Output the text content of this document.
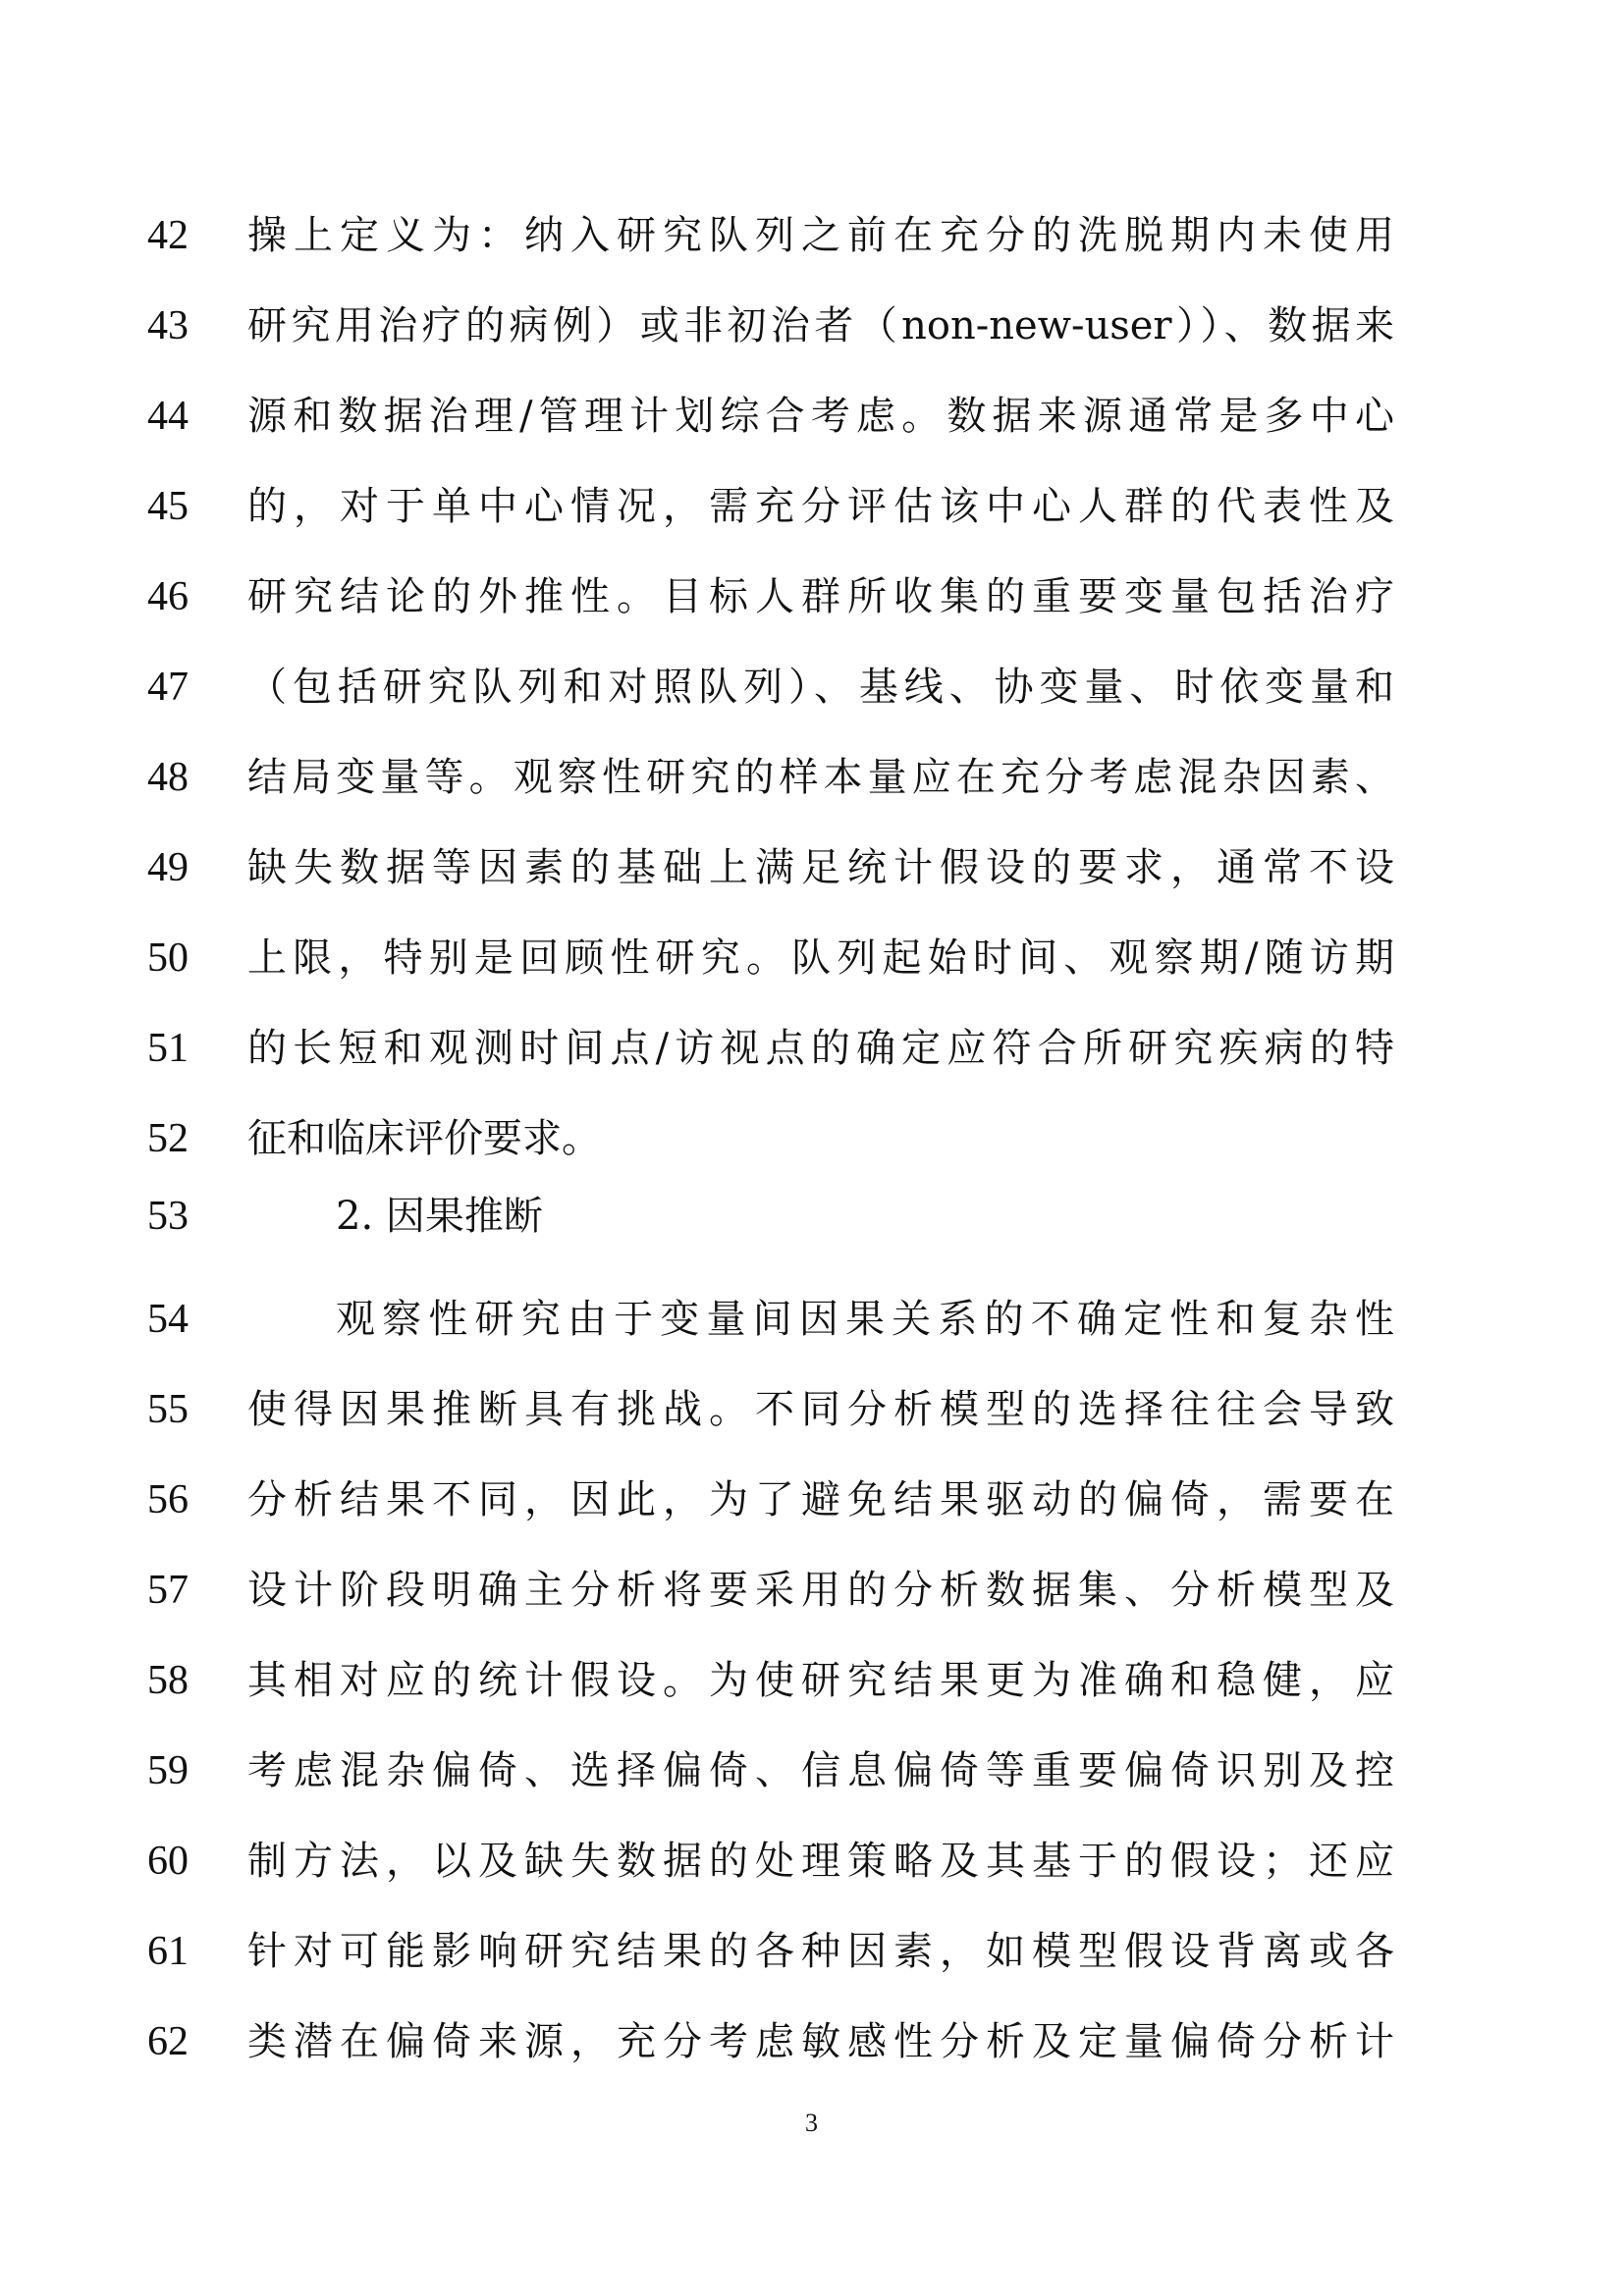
42	操上定义为：纳入研究队列之前在充分的洗脱期内未使用
43	研究用治疗的病例）或非初治者（non-new-user））、数据来
44	源和数据治理/管理计划综合考虑。数据来源通常是多中心
45	的，对于单中心情况，需充分评估该中心人群的代表性及
46	研究结论的外推性。目标人群所收集的重要变量包括治疗
47	（包括研究队列和对照队列）、基线、协变量、时依变量和
48	结局变量等。观察性研究的样本量应在充分考虑混杂因素、
49	缺失数据等因素的基础上满足统计假设的要求，通常不设
50	上限，特别是回顾性研究。队列起始时间、观察期/随访期
51	的长短和观测时间点/访视点的确定应符合所研究疾病的特
52	征和临床评价要求。
53	2. 因果推断
54	观察性研究由于变量间因果关系的不确定性和复杂性
55	使得因果推断具有挑战。不同分析模型的选择往往会导致
56	分析结果不同，因此，为了避免结果驱动的偏倚，需要在
57	设计阶段明确主分析将要采用的分析数据集、分析模型及
58	其相对应的统计假设。为使研究结果更为准确和稳健，应
59	考虑混杂偏倚、选择偏倚、信息偏倚等重要偏倚识别及控
60	制方法，以及缺失数据的处理策略及其基于的假设；还应
61	针对可能影响研究结果的各种因素，如模型假设背离或各
62	类潜在偏倚来源，充分考虑敏感性分析及定量偏倚分析计
3
